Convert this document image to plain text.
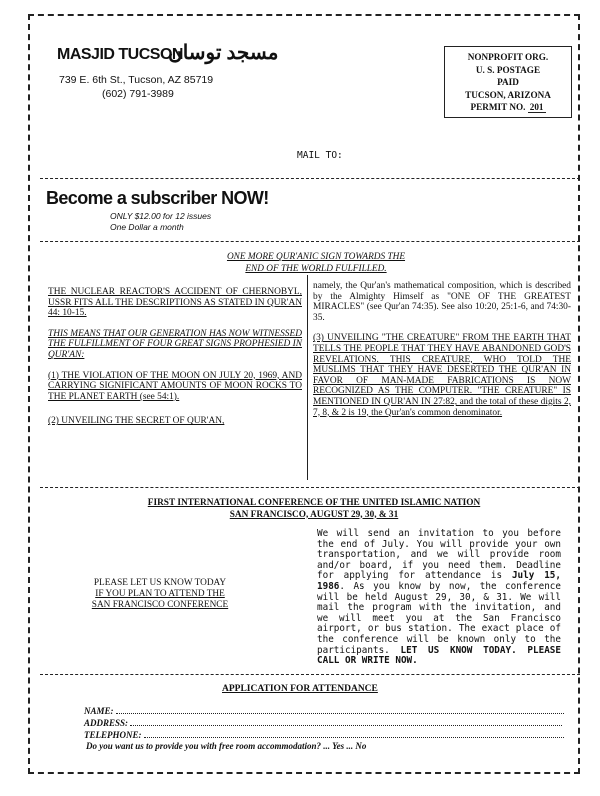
MASJID TUCSON
مسجد توسان
739 E. 6th St., Tucson, AZ 85719
(602) 791-3989
NONPROFIT ORG.
U. S. POSTAGE
PAID
TUCSON, ARIZONA
PERMIT NO. 201
MAIL TO:
Become a subscriber NOW!
ONLY $12.00 for 12 issues
One Dollar a month
ONE MORE QUR'ANIC SIGN TOWARDS THE
END OF THE WORLD FULFILLED.

THE NUCLEAR REACTOR'S ACCIDENT OF CHERNOBYL, USSR FITS ALL THE DESCRIPTIONS AS STATED IN QUR'AN 44: 10-15.

THIS MEANS THAT OUR GENERATION HAS NOW WITNESSED THE FULFILLMENT OF FOUR GREAT SIGNS PROPHESIED IN QUR'AN:

(1) THE VIOLATION OF THE MOON ON JULY 20, 1969, AND CARRYING SIGNIFICANT AMOUNTS OF MOON ROCKS TO THE PLANET EARTH (see 54:1).

(2) UNVEILING THE SECRET OF QUR'AN,

namely, the Qur'an's mathematical composition, which is described by the Almighty Himself as "ONE OF THE GREATEST MIRACLES" (see Qur'an 74:35). See also 10:20, 25:1-6, and 74:30-35.

(3) UNVEILING "THE CREATURE" FROM THE EARTH THAT TELLS THE PEOPLE THAT THEY HAVE ABANDONED GOD'S REVELATIONS. THIS CREATURE, WHO TOLD THE MUSLIMS THAT THEY HAVE DESERTED THE QUR'AN IN FAVOR OF MAN-MADE FABRICATIONS IS NOW RECOGNIZED AS THE COMPUTER. "THE CREATURE" IS MENTIONED IN QUR'AN IN 27:82, and the total of these digits 2, 7, 8, & 2 is 19, the Qur'an's common denominator.

FIRST INTERNATIONAL CONFERENCE OF THE UNITED ISLAMIC NATION
SAN FRANCISCO, AUGUST 29, 30, & 31
PLEASE LET US KNOW TODAY
IF YOU PLAN TO ATTEND THE
SAN FRANCISCO CONFERENCE
We will send an invitation to you before the end of July. You will provide your own transportation, and we will provide room and/or board, if you need them. Deadline for applying for attendance is July 15, 1986. As you know by now, the conference will be held August 29, 30, & 31. We will mail the program with the invitation, and we will meet you at the San Francisco airport, or bus station. The exact place of the conference will be known only to the participants. LET US KNOW TODAY. PLEASE CALL OR WRITE NOW.
APPLICATION FOR ATTENDANCE
NAME:
ADDRESS:
TELEPHONE:
Do you want us to provide you with free room accommodation? ... Yes ... No
